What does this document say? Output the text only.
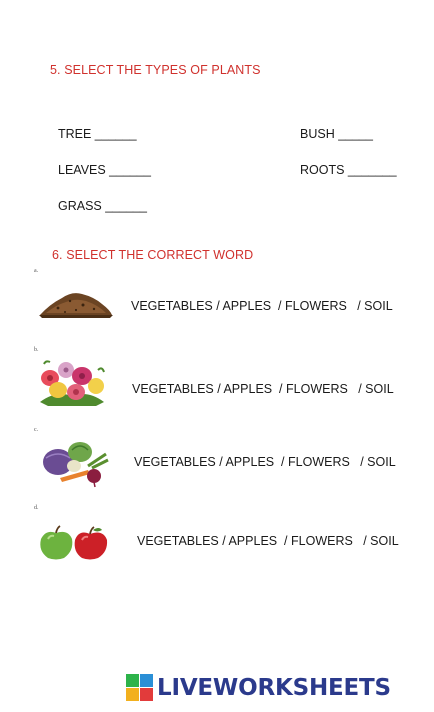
5. SELECT THE TYPES OF PLANTS
TREE ______	BUSH _____
LEAVES ______	ROOTS _______
GRASS ______
6. SELECT THE CORRECT WORD
a.
VEGETABLES / APPLES  / FLOWERS   / SOIL
b.
VEGETABLES / APPLES  / FLOWERS   / SOIL
c.
VEGETABLES / APPLES  / FLOWERS   / SOIL
d.
VEGETABLES / APPLES  / FLOWERS   / SOIL
LIVEWORKSHEETS
